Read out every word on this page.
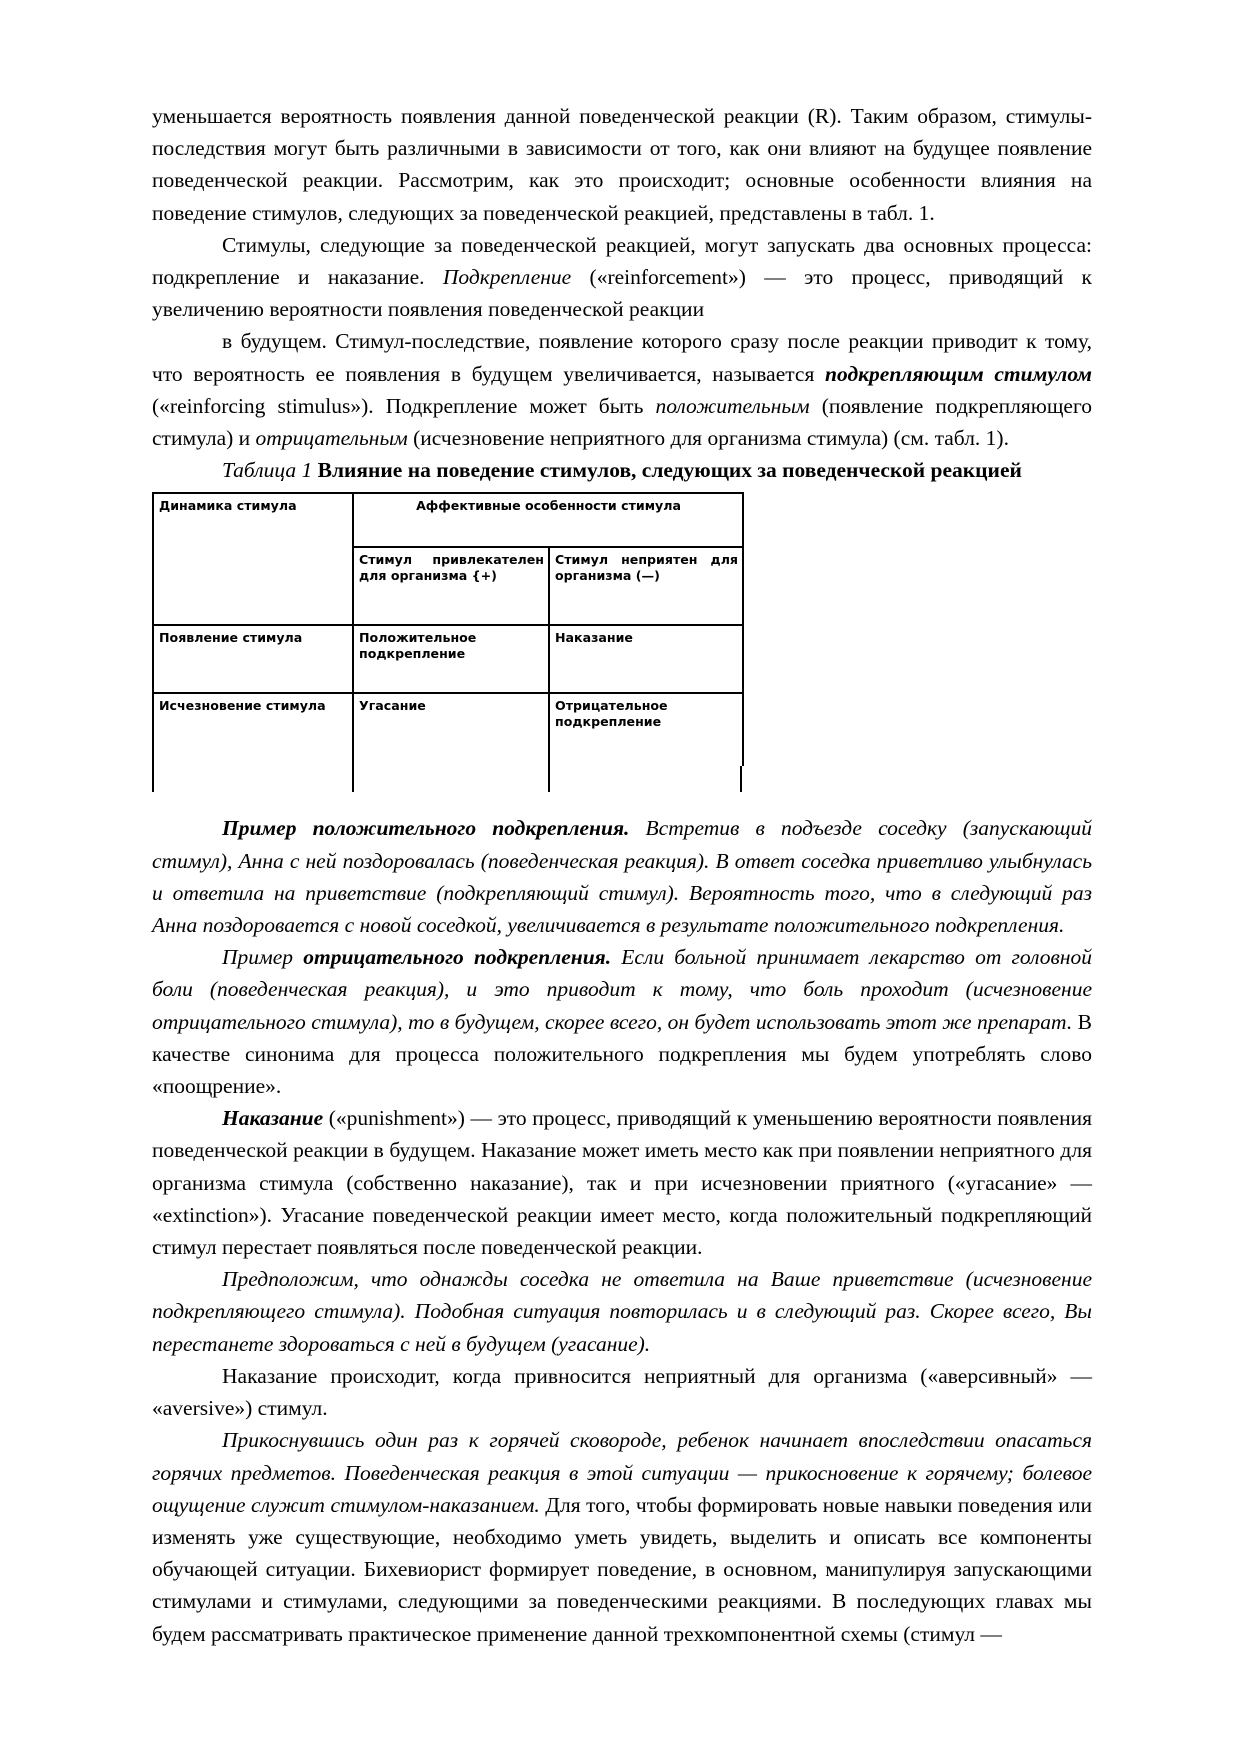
уменьшается вероятность появления данной поведенческой реакции (R). Таким образом, стимулы-последствия могут быть различными в зависимости от того, как они влияют на будущее появление поведенческой реакции. Рассмотрим, как это происходит; основные особенности влияния на поведение стимулов, следующих за поведенческой реакцией, представлены в табл. 1.

Стимулы, следующие за поведенческой реакцией, могут запускать два основных процесса: подкрепление и наказание. Подкрепление («reinforcement») — это процесс, приводящий к увеличению вероятности появления поведенческой реакции

в будущем. Стимул-последствие, появление которого сразу после реакции приводит к тому, что вероятность ее появления в будущем увеличивается, называется подкрепляющим стимулом («reinforcing stimulus»). Подкрепление может быть положительным (появление подкрепляющего стимула) и отрицательным (исчезновение неприятного для организма стимула) (см. табл. 1).

Таблица 1 Влияние на поведение стимулов, следующих за поведенческой реакцией

Динамика стимула	Аффективные особенности стимула	
	Стимул привлекателен для организма {+)	Стимул неприятен для организма (—)
Появление стимула	Положительное подкрепление	Наказание
Исчезновение стимула	Угасание	Отрицательное подкрепление

Пример положительного подкрепления. Встретив в подъезде соседку (запускающий стимул), Анна с ней поздоровалась (поведенческая реакция). В ответ соседка приветливо улыбнулась и ответила на приветствие (подкрепляющий стимул). Вероятность того, что в следующий раз Анна поздоровается с новой соседкой, увеличивается в результате положительного подкрепления.

Пример отрицательного подкрепления. Если больной принимает лекарство от головной боли (поведенческая реакция), и это приводит к тому, что боль проходит (исчезновение отрицательного стимула), то в будущем, скорее всего, он будет использовать этот же препарат. В качестве синонима для процесса положительного подкрепления мы будем употреблять слово «поощрение».

Наказание («punishment») — это процесс, приводящий к уменьшению вероятности появления поведенческой реакции в будущем. Наказание может иметь место как при появлении неприятного для организма стимула (собственно наказание), так и при исчезновении приятного («угасание» — «extinction»). Угасание поведенческой реакции имеет место, когда положительный подкрепляющий стимул перестает появляться после поведенческой реакции.

Предположим, что однажды соседка не ответила на Ваше приветствие (исчезновение подкрепляющего стимула). Подобная ситуация повторилась и в следующий раз. Скорее всего, Вы перестанете здороваться с ней в будущем (угасание).

Наказание происходит, когда привносится неприятный для организма («аверсивный» — «aversive») стимул.

Прикоснувшись один раз к горячей сковороде, ребенок начинает впоследствии опасаться горячих предметов. Поведенческая реакция в этой ситуации — прикосновение к горячему; болевое ощущение служит стимулом-наказанием. Для того, чтобы формировать новые навыки поведения или изменять уже существующие, необходимо уметь увидеть, выделить и описать все компоненты обучающей ситуации. Бихевиорист формирует поведение, в основном, манипулируя запускающими стимулами и стимулами, следующими за поведенческими реакциями. В последующих главах мы будем рассматривать практическое применение данной трехкомпонентной схемы (стимул —
